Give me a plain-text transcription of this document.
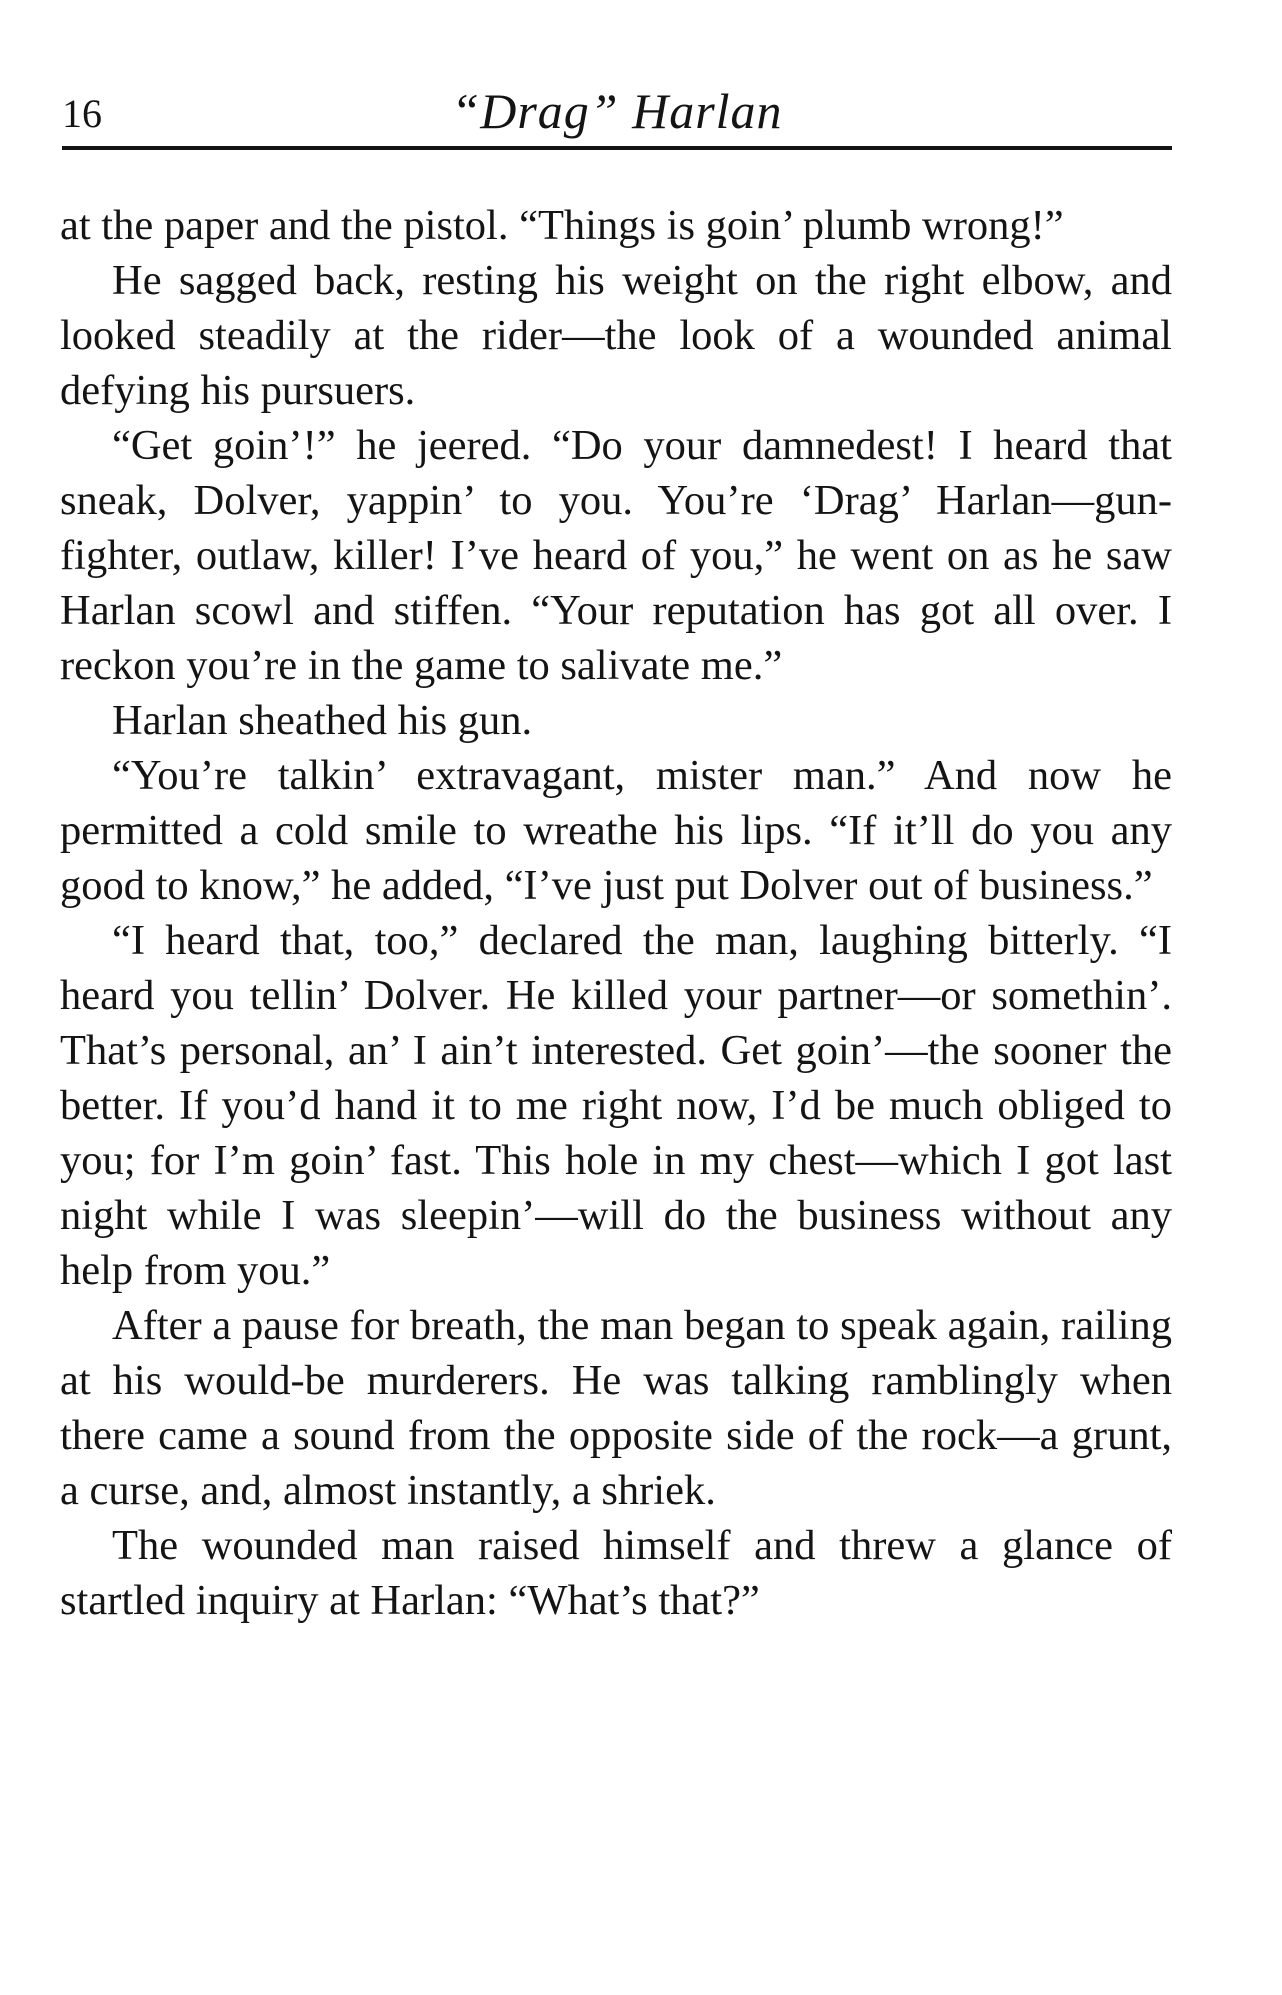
16	“Drag” Harlan

at the paper and the pistol. “Things is goin’ plumb wrong!”

He sagged back, resting his weight on the right elbow, and looked steadily at the rider—the look of a wounded animal defying his pursuers.

“Get goin’!” he jeered. “Do your damnedest! I heard that sneak, Dolver, yappin’ to you. You’re ‘Drag’ Harlan—gun-fighter, outlaw, killer! I’ve heard of you,” he went on as he saw Harlan scowl and stiffen. “Your reputation has got all over. I reckon you’re in the game to salivate me.”

Harlan sheathed his gun.

“You’re talkin’ extravagant, mister man.” And now he permitted a cold smile to wreathe his lips. “If it’ll do you any good to know,” he added, “I’ve just put Dolver out of business.”

“I heard that, too,” declared the man, laughing bitterly. “I heard you tellin’ Dolver. He killed your partner—or somethin’. That’s personal, an’ I ain’t interested. Get goin’—the sooner the better. If you’d hand it to me right now, I’d be much obliged to you; for I’m goin’ fast. This hole in my chest—which I got last night while I was sleepin’—will do the business without any help from you.”

After a pause for breath, the man began to speak again, railing at his would-be murderers. He was talking ramblingly when there came a sound from the opposite side of the rock—a grunt, a curse, and, almost instantly, a shriek.

The wounded man raised himself and threw a glance of startled inquiry at Harlan: “What’s that?”
